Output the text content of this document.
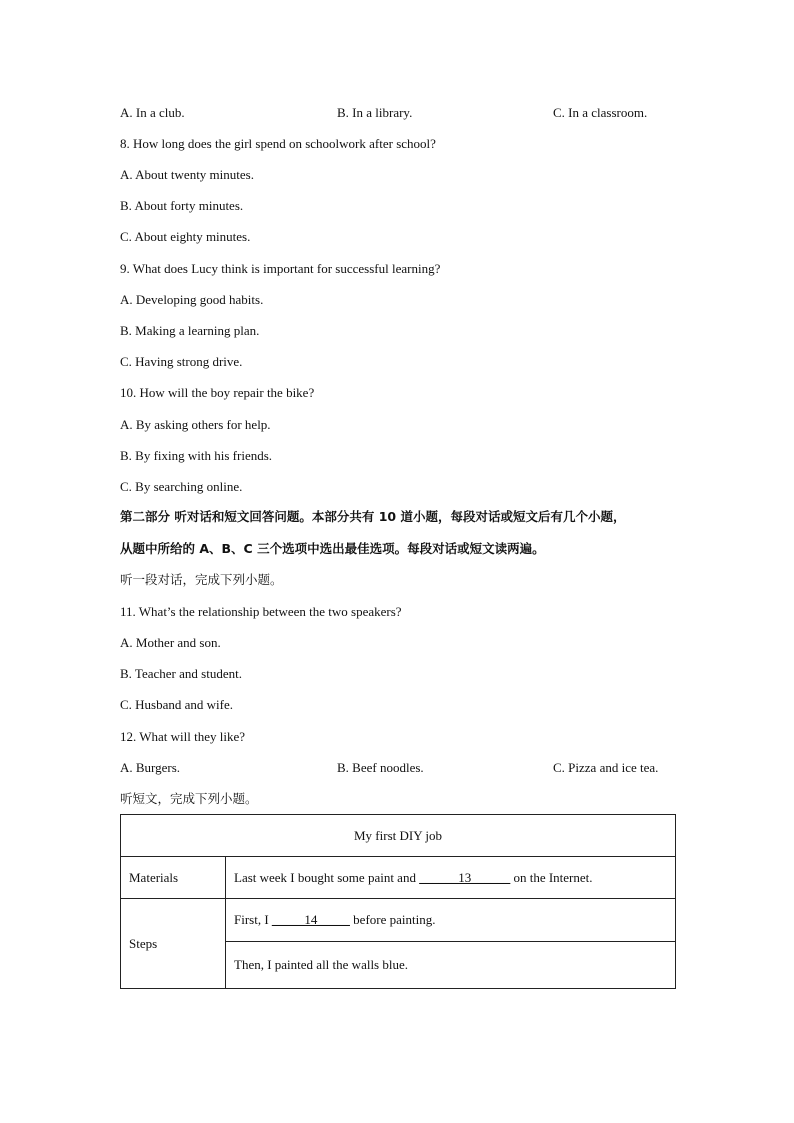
A. In a club.	B. In a library.	C. In a classroom.
8. How long does the girl spend on schoolwork after school?
A. About twenty minutes.
B. About forty minutes.
C. About eighty minutes.
9. What does Lucy think is important for successful learning?
A. Developing good habits.
B. Making a learning plan.
C. Having strong drive.
10. How will the boy repair the bike?
A. By asking others for help.
B. By fixing with his friends.
C. By searching online.
第二部分 听对话和短文回答问题。本部分共有 10 道小题，每段对话或短文后有几个小题，
从题中所给的 A、B、C 三个选项中选出最佳选项。每段对话或短文读两遍。
听一段对话，完成下列小题。
11. What’s the relationship between the two speakers?
A. Mother and son.
B. Teacher and student.
C. Husband and wife.
12. What will they like?
A. Burgers.	B. Beef noodles.	C. Pizza and ice tea.
听短文，完成下列小题。
My first DIY job	
Materials	Last week I bought some paint and ______13______ on the Internet.
Steps	First, I _____14_____ before painting.
	Then, I painted all the walls blue.
